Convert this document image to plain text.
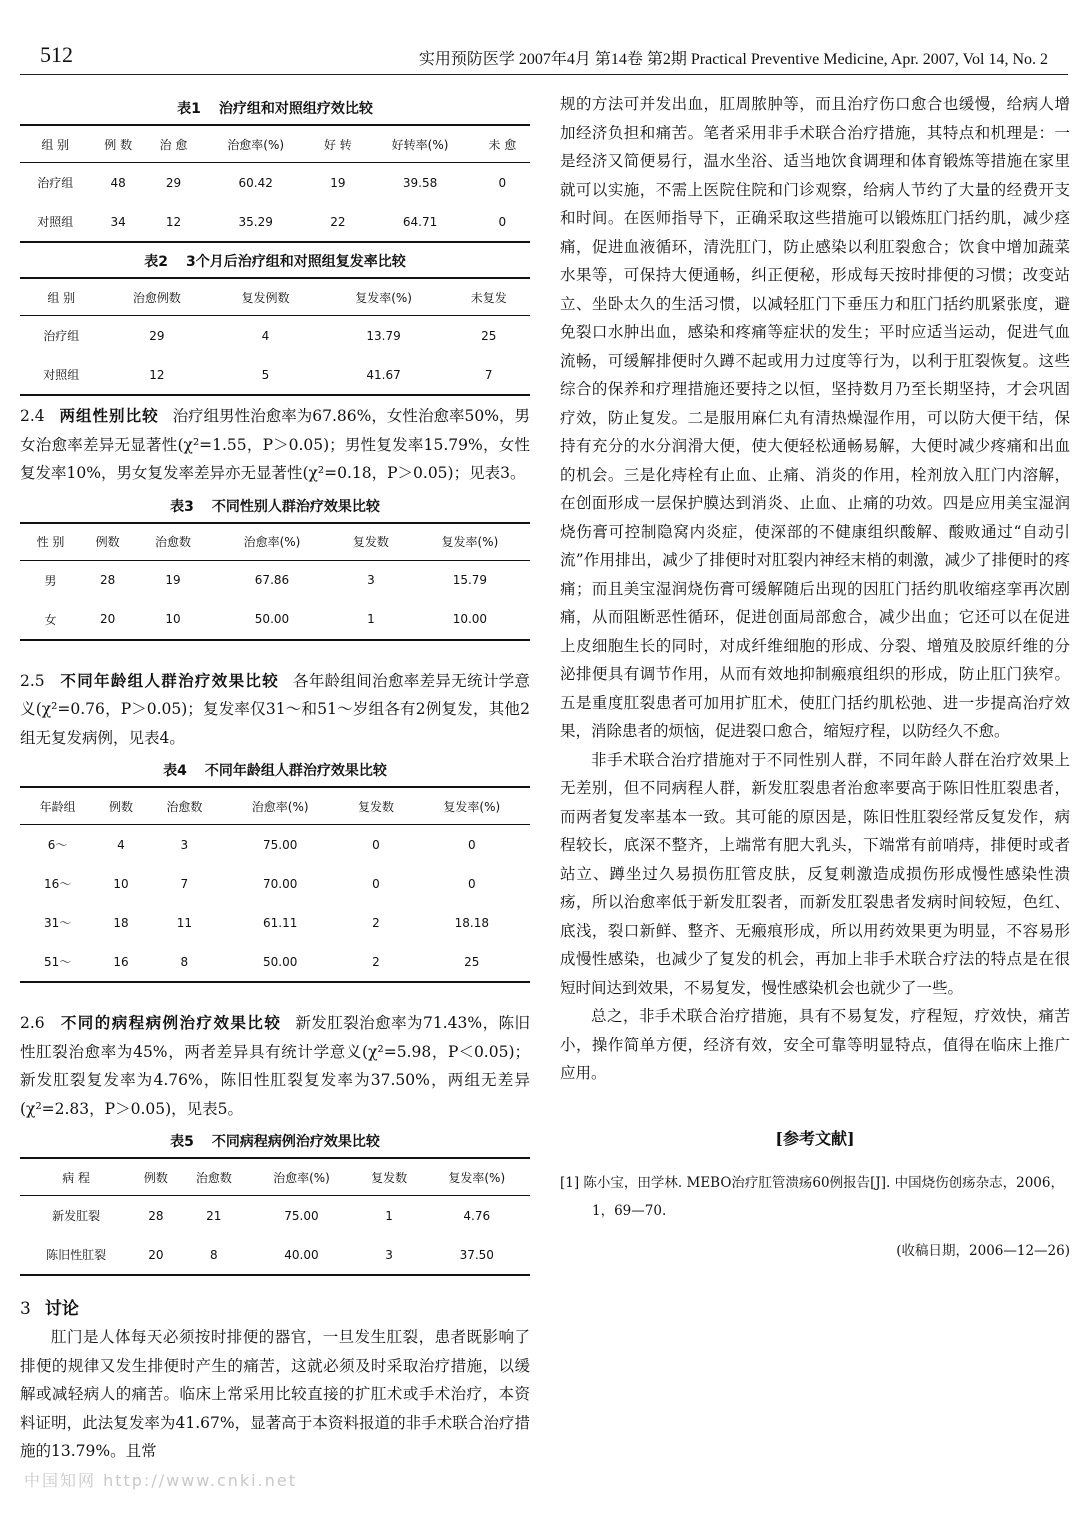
512	实用预防医学 2007年4月 第14卷 第2期 Practical Preventive Medicine, Apr. 2007, Vol 14, No. 2
表1 治疗组和对照组疗效比较
组 别	例 数	治 愈	治愈率(%)	好 转	好转率(%)	未 愈
治疗组	48	29	60.42	19	39.58	0
对照组	34	12	35.29	22	64.71	0
表2 3个月后治疗组和对照组复发率比较
组 别	治愈例数	复发例数	复发率(%)	未复发
治疗组	29	4	13.79	25
对照组	12	5	41.67	7

2.4 两组性别比较 治疗组男性治愈率为67.86%，女性治愈率50%，男女治愈率差异无显著性(χ²=1.55，P＞0.05)；男性复发率15.79%，女性复发率10%，男女复发率差异亦无显著性(χ²=0.18，P＞0.05)；见表3。

表3 不同性别人群治疗效果比较
性 别	例数	治愈数	治愈率(%)	复发数	复发率(%)
男	28	19	67.86	3	15.79
女	20	10	50.00	1	10.00

2.5 不同年龄组人群治疗效果比较 各年龄组间治愈率差异无统计学意义(χ²=0.76，P＞0.05)；复发率仅31～和51～岁组各有2例复发，其他2组无复发病例，见表4。

表4 不同年龄组人群治疗效果比较
年龄组	例数	治愈数	治愈率(%)	复发数	复发率(%)
6～	4	3	75.00	0	0
16～	10	7	70.00	0	0
31～	18	11	61.11	2	18.18
51～	16	8	50.00	2	25

2.6 不同的病程病例治疗效果比较 新发肛裂治愈率为71.43%，陈旧性肛裂治愈率为45%，两者差异具有统计学意义(χ²=5.98，P＜0.05)；新发肛裂复发率为4.76%，陈旧性肛裂复发率为37.50%，两组无差异(χ²=2.83，P＞0.05)，见表5。

表5 不同病程病例治疗效果比较
病 程	例数	治愈数	治愈率(%)	复发数	复发率(%)
新发肛裂	28	21	75.00	1	4.76
陈旧性肛裂	20	8	40.00	3	37.50
3 讨论

肛门是人体每天必须按时排便的器官，一旦发生肛裂，患者既影响了排便的规律又发生排便时产生的痛苦，这就必须及时采取治疗措施，以缓解或减轻病人的痛苦。临床上常采用比较直接的扩肛术或手术治疗，本资料证明，此法复发率为41.67%，显著高于本资料报道的非手术联合治疗措施的13.79%。且常

规的方法可并发出血，肛周脓肿等，而且治疗伤口愈合也缓慢，给病人增加经济负担和痛苦。笔者采用非手术联合治疗措施，其特点和机理是：一是经济又简便易行，温水坐浴、适当地饮食调理和体育锻炼等措施在家里就可以实施，不需上医院住院和门诊观察，给病人节约了大量的经费开支和时间。在医师指导下，正确采取这些措施可以锻炼肛门括约肌，减少痉痛，促进血液循环，清洗肛门，防止感染以利肛裂愈合；饮食中增加蔬菜水果等，可保持大便通畅，纠正便秘，形成每天按时排便的习惯；改变站立、坐卧太久的生活习惯，以减轻肛门下垂压力和肛门括约肌紧张度，避免裂口水肿出血，感染和疼痛等症状的发生；平时应适当运动，促进气血流畅，可缓解排便时久蹲不起或用力过度等行为，以利于肛裂恢复。这些综合的保养和疗理措施还要持之以恒，坚持数月乃至长期坚持，才会巩固疗效，防止复发。二是服用麻仁丸有清热燥湿作用，可以防大便干结，保持有充分的水分润滑大便，使大便轻松通畅易解，大便时减少疼痛和出血的机会。三是化痔栓有止血、止痛、消炎的作用，栓剂放入肛门内溶解，在创面形成一层保护膜达到消炎、止血、止痛的功效。四是应用美宝湿润烧伤膏可控制隐窝内炎症，使深部的不健康组织酸解、酸败通过“自动引流”作用排出，减少了排便时对肛裂内神经末梢的刺激，减少了排便时的疼痛；而且美宝湿润烧伤膏可缓解随后出现的因肛门括约肌收缩痉挛再次剧痛，从而阻断恶性循环，促进创面局部愈合，减少出血；它还可以在促进上皮细胞生长的同时，对成纤维细胞的形成、分裂、增殖及胶原纤维的分泌排便具有调节作用，从而有效地抑制瘢痕组织的形成，防止肛门狭窄。五是重度肛裂患者可加用扩肛术，使肛门括约肌松弛、进一步提高治疗效果，消除患者的烦恼，促进裂口愈合，缩短疗程，以防经久不愈。

非手术联合治疗措施对于不同性别人群，不同年龄人群在治疗效果上无差别，但不同病程人群，新发肛裂患者治愈率要高于陈旧性肛裂患者，而两者复发率基本一致。其可能的原因是，陈旧性肛裂经常反复发作，病程较长，底深不整齐，上端常有肥大乳头，下端常有前哨痔，排便时或者站立、蹲坐过久易损伤肛管皮肤，反复刺激造成损伤形成慢性感染性溃疡，所以治愈率低于新发肛裂者，而新发肛裂患者发病时间较短，色红、底浅，裂口新鲜、整齐、无瘢痕形成，所以用药效果更为明显，不容易形成慢性感染，也减少了复发的机会，再加上非手术联合疗法的特点是在很短时间达到效果，不易复发，慢性感染机会也就少了一些。

总之，非手术联合治疗措施，具有不易复发，疗程短，疗效快，痛苦小，操作简单方便，经济有效，安全可靠等明显特点，值得在临床上推广应用。

[参考文献]
[1] 陈小宝，田学林. MEBO治疗肛管溃疡60例报告[J]. 中国烧伤创疡杂志，2006，1，69—70.
(收稿日期，2006—12—26)
中国知网 http://www.cnki.net
